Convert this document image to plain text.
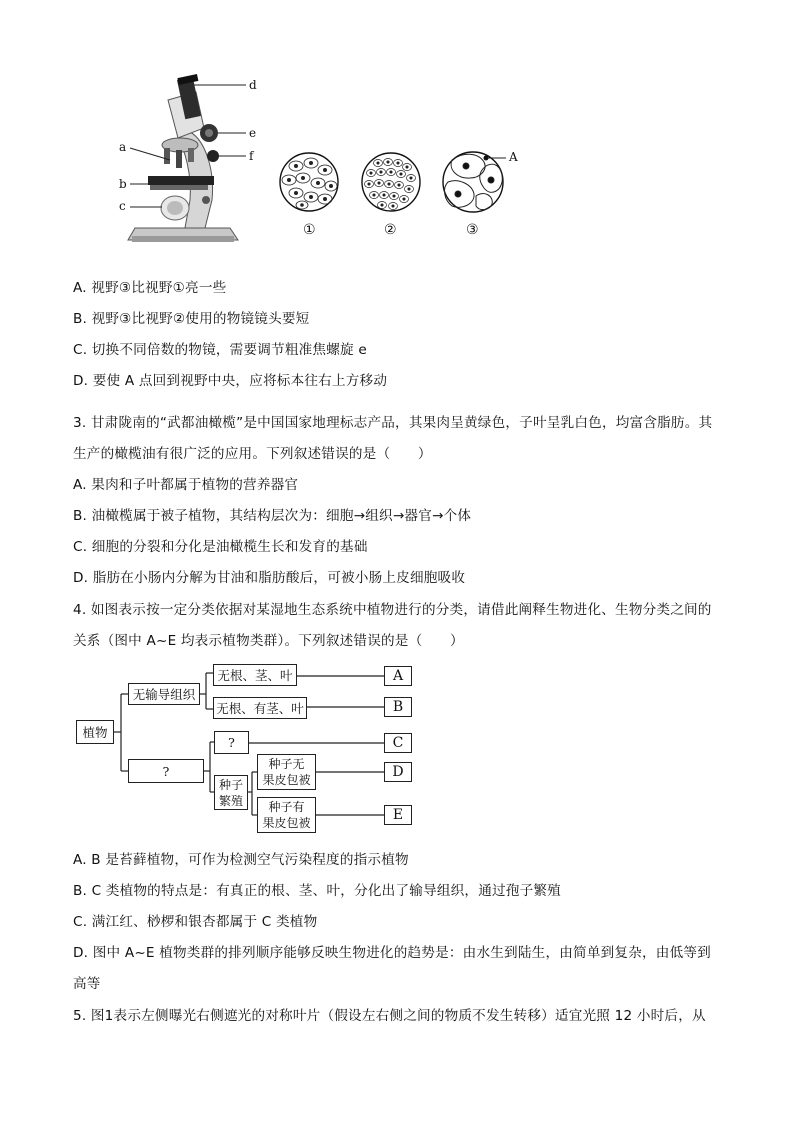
d
e
f
a
b
c
A
①	②	③
A. 视野③比视野①亮一些
B. 视野③比视野②使用的物镜镜头要短
C. 切换不同倍数的物镜，需要调节粗准焦螺旋 e
D. 要使 A 点回到视野中央，应将标本往右上方移动
3. 甘肃陇南的“武都油橄榄”是中国国家地理标志产品，其果肉呈黄绿色，子叶呈乳白色，均富含脂肪。其
生产的橄榄油有很广泛的应用。下列叙述错误的是（　　）
A. 果肉和子叶都属于植物的营养器官
B. 油橄榄属于被子植物，其结构层次为：细胞→组织→器官→个体
C. 细胞的分裂和分化是油橄榄生长和发育的基础
D. 脂肪在小肠内分解为甘油和脂肪酸后，可被小肠上皮细胞吸收
4. 如图表示按一定分类依据对某湿地生态系统中植物进行的分类，请借此阐释生物进化、生物分类之间的
关系（图中 A~E 均表示植物类群）。下列叙述错误的是（　　）
植物
无输导组织
无根、茎、叶
无根、有茎、叶
?
?
种子
繁殖
种子无
果皮包被
种子有
果皮包被
A
B
C
D
E
A. B 是苔藓植物，可作为检测空气污染程度的指示植物
B. C 类植物的特点是：有真正的根、茎、叶，分化出了输导组织，通过孢子繁殖
C. 满江红、桫椤和银杏都属于 C 类植物
D. 图中 A~E 植物类群的排列顺序能够反映生物进化的趋势是：由水生到陆生，由简单到复杂，由低等到
高等
5. 图1表示左侧曝光右侧遮光的对称叶片（假设左右侧之间的物质不发生转移）适宜光照 12 小时后，从
